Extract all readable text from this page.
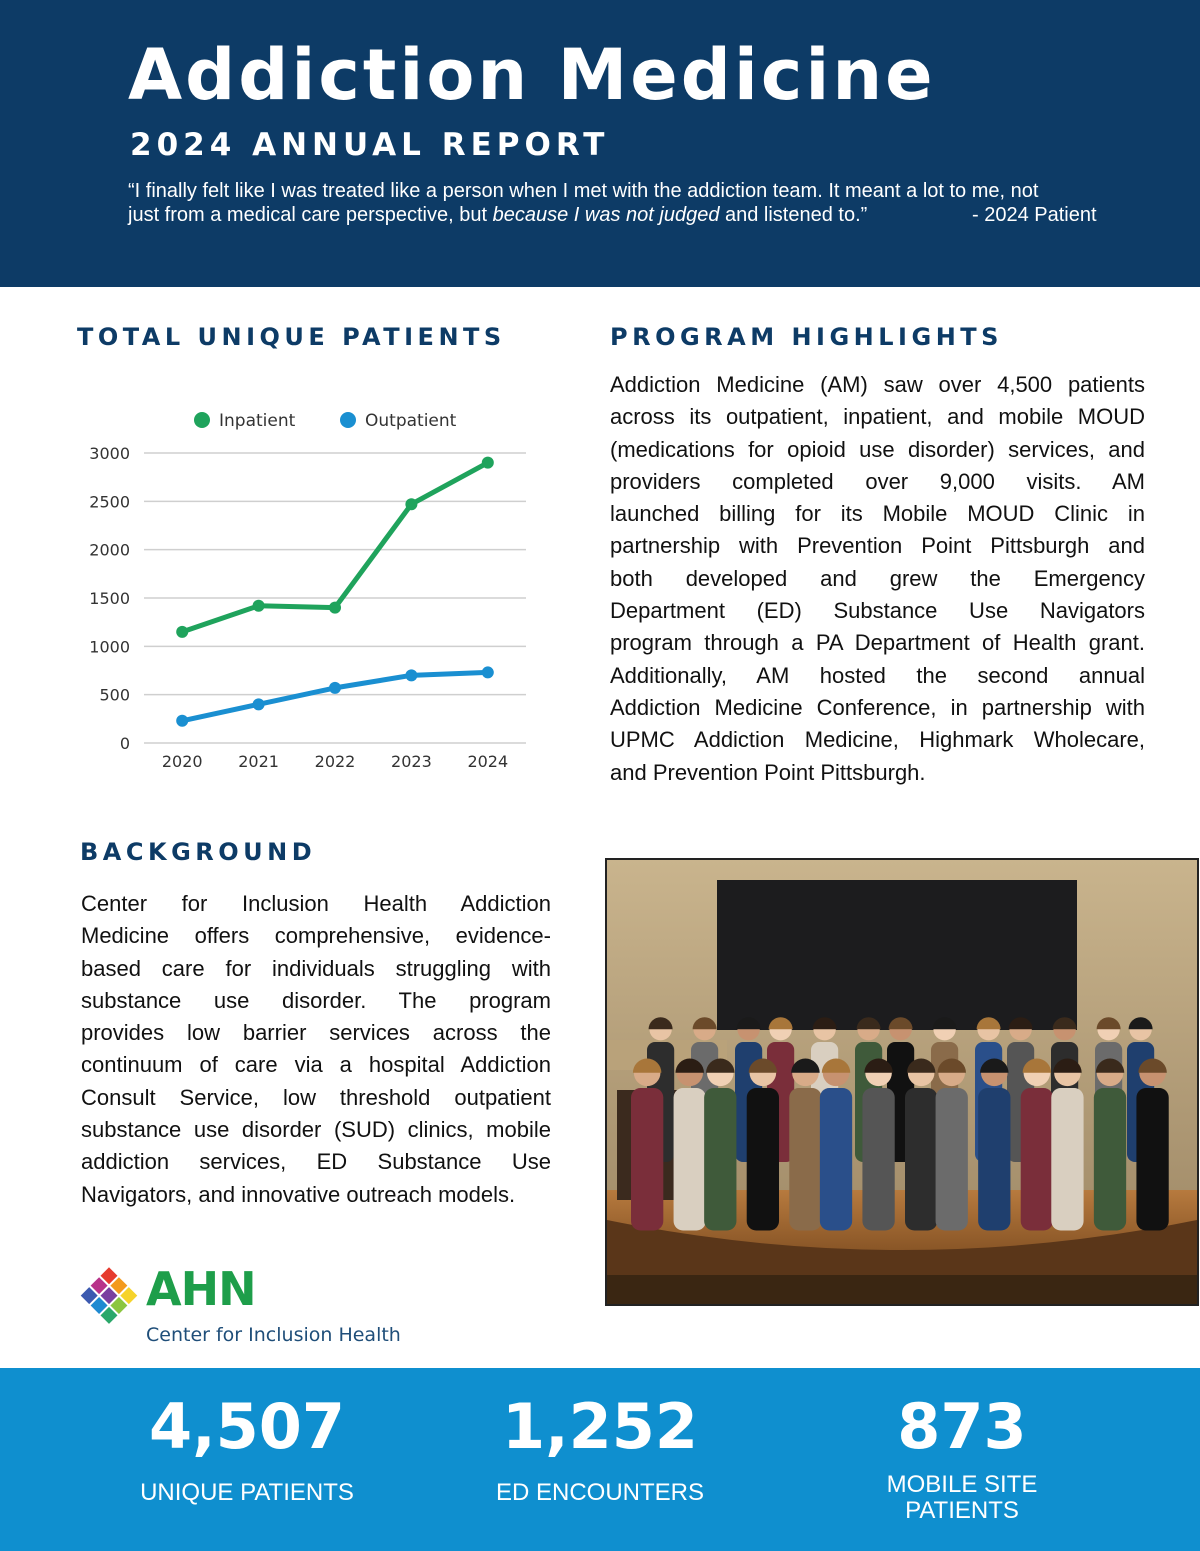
Addiction Medicine
2024 ANNUAL REPORT
“I finally felt like I was treated like a person when I met with the addiction team. It meant a lot to me, not
just from a medical care perspective, but because I was not judged and listened to.”	- 2024 Patient
TOTAL UNIQUE PATIENTS
0
500
1000
1500
2000
2500
3000
2020 2021 2022 2023 2024
Inpatient	Outpatient
PROGRAM HIGHLIGHTS
Addiction Medicine (AM) saw over 4,500 patients
across its outpatient, inpatient, and mobile MOUD
(medications for opioid use disorder) services, and
providers completed over 9,000 visits. AM
launched billing for its Mobile MOUD Clinic in
partnership with Prevention Point Pittsburgh and
both developed and grew the Emergency
Department (ED) Substance Use Navigators
program through a PA Department of Health grant.
Additionally, AM hosted the second annual
Addiction Medicine Conference, in partnership with
UPMC Addiction Medicine, Highmark Wholecare,
and Prevention Point Pittsburgh.
BACKGROUND
Center for Inclusion Health Addiction
Medicine offers comprehensive, evidence-
based care for individuals struggling with
substance use disorder. The program
provides low barrier services across the
continuum of care via a hospital Addiction
Consult Service, low threshold outpatient
substance use disorder (SUD) clinics, mobile
addiction services, ED Substance Use
Navigators, and innovative outreach models.
AHN
Center for Inclusion Health
4,507
UNIQUE PATIENTS
1,252
ED ENCOUNTERS
873
MOBILE SITE
PATIENTS
